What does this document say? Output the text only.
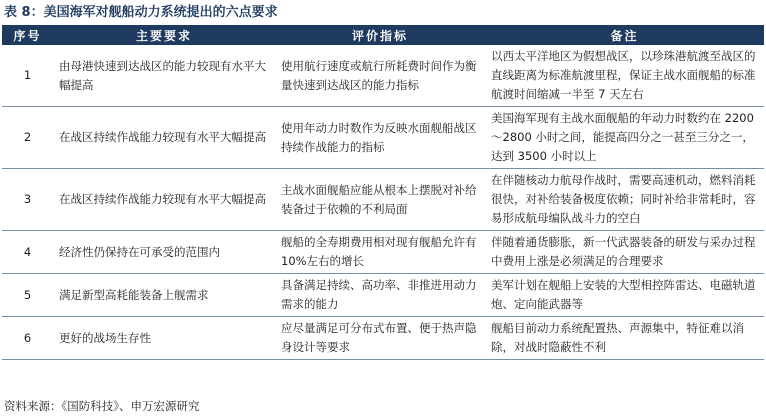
表 8：美国海军对舰船动力系统提出的六点要求
序号	主要要求	评价指标	备注
1	由母港快速到达战区的能力较现有水平大幅提高	使用航行速度或航行所耗费时间作为衡量快速到达战区的能力指标	以西太平洋地区为假想战区，以珍珠港航渡至战区的直线距离为标准航渡里程，保证主战水面舰船的标准航渡时间缩减一半至 7 天左右
2	在战区持续作战能力较现有水平大幅提高	使用年动力时数作为反映水面舰船战区持续作战能力的指标	美国海军现有主战水面舰船的年动力时数约在 2200～2800 小时之间，能提高四分之一甚至三分之一，达到 3500 小时以上
3	在战区持续作战能力较现有水平大幅提高	主战水面舰船应能从根本上摆脱对补给装备过于依赖的不利局面	在伴随核动力航母作战时，需要高速机动，燃料消耗很快，对补给装备极度依赖；同时补给非常耗时，容易形成航母编队战斗力的空白
4	经济性仍保持在可承受的范围内	舰船的全寿期费用相对现有舰船允许有 10%左右的增长	伴随着通货膨胀，新一代武器装备的研发与采办过程中费用上涨是必须满足的合理要求
5	满足新型高耗能装备上舰需求	具备满足持续、高功率、非推进用动力需求的能力	美军计划在舰船上安装的大型相控阵雷达、电磁轨道炮、定向能武器等
6	更好的战场生存性	应尽量满足可分布式布置、便于热声隐身设计等要求	舰船目前动力系统配置热、声源集中，特征难以消除，对战时隐蔽性不利
资料来源：《国防科技》、申万宏源研究
